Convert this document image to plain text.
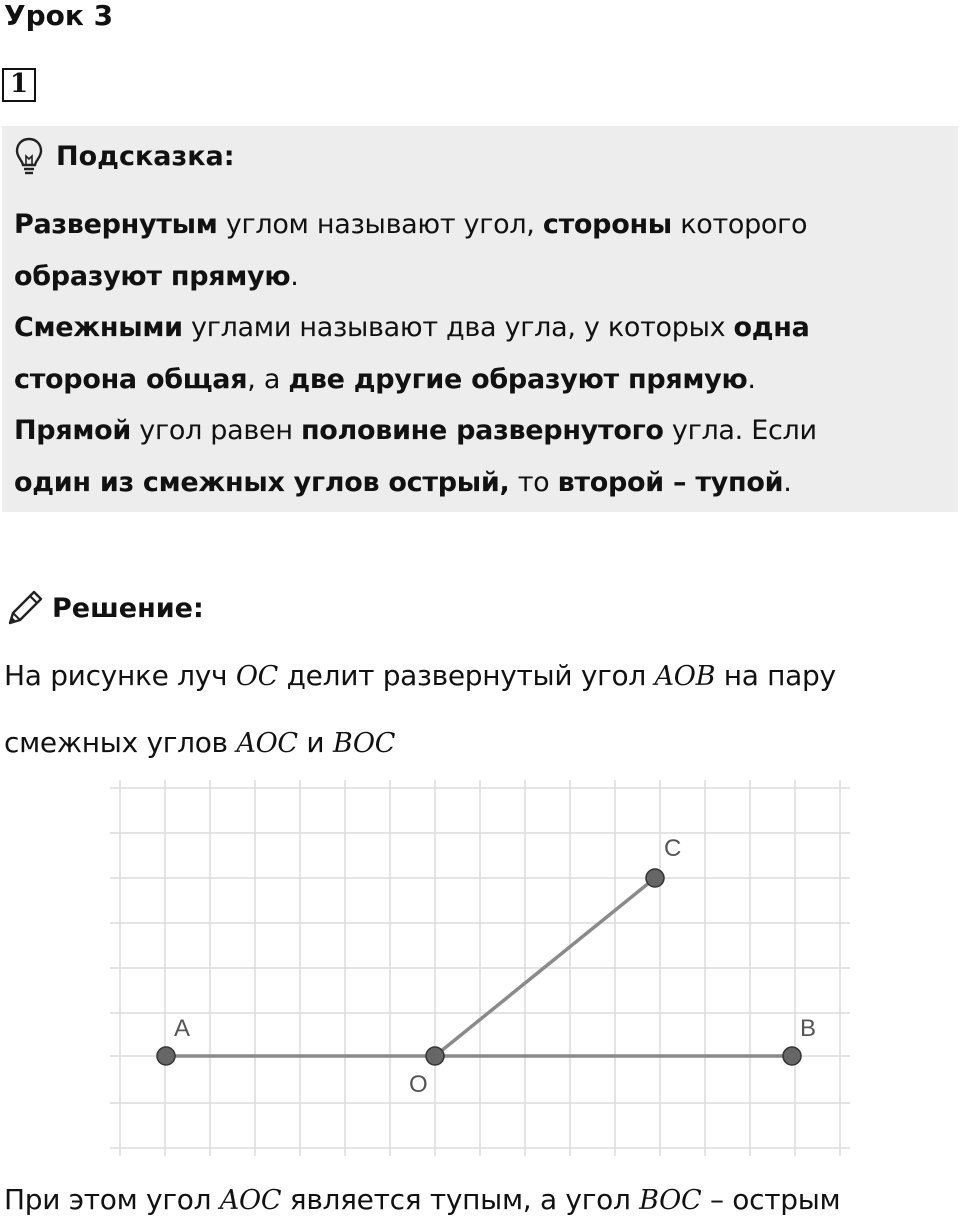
Урок 3
1
Подсказка:
Развернутым углом называют угол, стороны которого
образуют прямую.
Смежными углами называют два угла, у которых одна
сторона общая, а две другие образуют прямую.
Прямой угол равен половине развернутого угла. Если
один из смежных углов острый, то второй – тупой.
Решение:
На рисунке луч OC делит развернутый угол AOB на пару
смежных углов AOC и BOC
A
O
B
C
При этом угол AOC является тупым, а угол BOC – острым
